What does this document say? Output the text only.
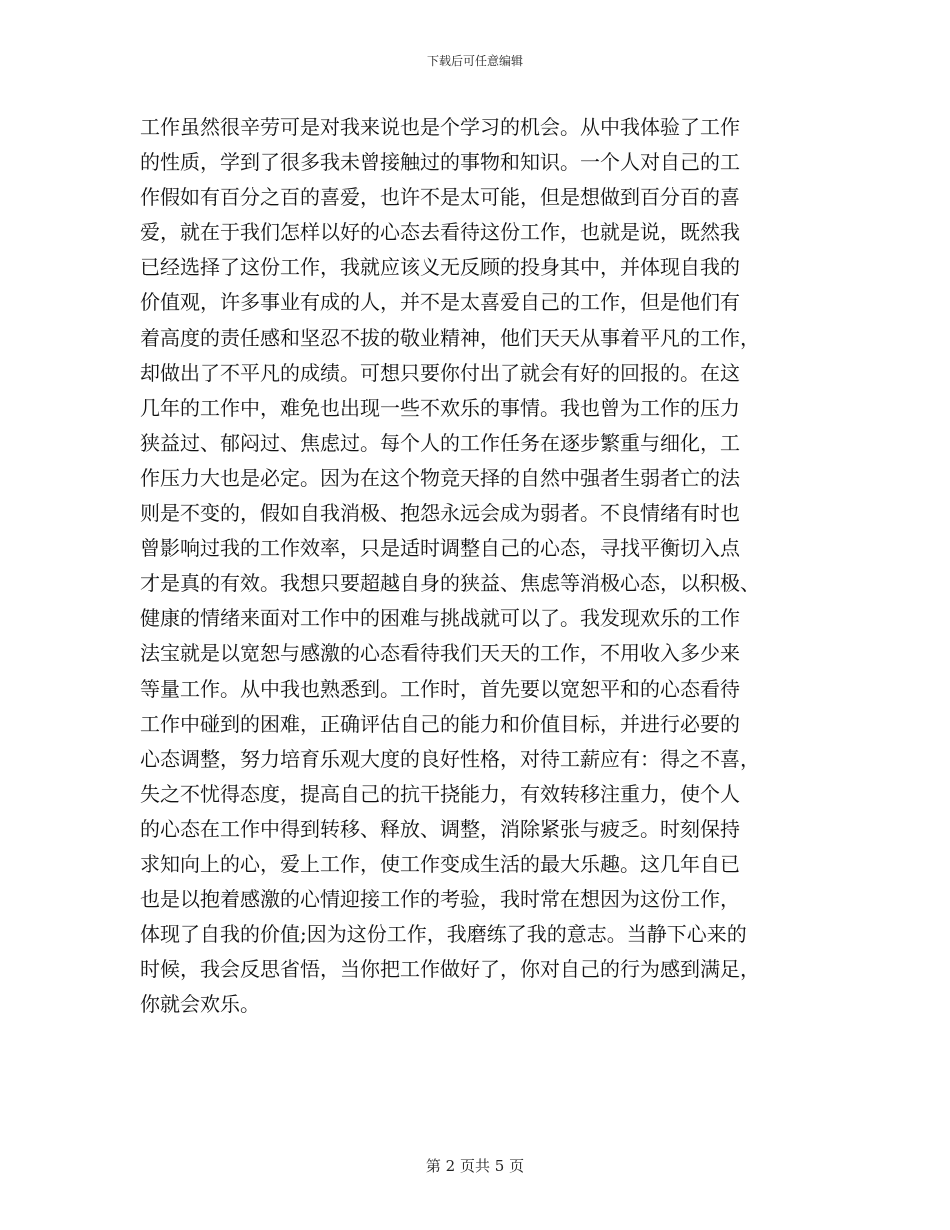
下载后可任意编辑
工作虽然很辛劳可是对我来说也是个学习的机会。从中我体验了工作
的性质，学到了很多我未曾接触过的事物和知识。一个人对自己的工
作假如有百分之百的喜爱，也许不是太可能，但是想做到百分百的喜
爱，就在于我们怎样以好的心态去看待这份工作，也就是说，既然我
已经选择了这份工作，我就应该义无反顾的投身其中，并体现自我的
价值观，许多事业有成的人，并不是太喜爱自己的工作，但是他们有
着高度的责任感和坚忍不拔的敬业精神，他们天天从事着平凡的工作，
却做出了不平凡的成绩。可想只要你付出了就会有好的回报的。在这
几年的工作中，难免也出现一些不欢乐的事情。我也曾为工作的压力
狭益过、郁闷过、焦虑过。每个人的工作任务在逐步繁重与细化，工
作压力大也是必定。因为在这个物竞天择的自然中强者生弱者亡的法
则是不变的，假如自我消极、抱怨永远会成为弱者。不良情绪有时也
曾影响过我的工作效率，只是适时调整自己的心态，寻找平衡切入点
才是真的有效。我想只要超越自身的狭益、焦虑等消极心态，以积极、
健康的情绪来面对工作中的困难与挑战就可以了。我发现欢乐的工作
法宝就是以宽恕与感激的心态看待我们天天的工作，不用收入多少来
等量工作。从中我也熟悉到。工作时，首先要以宽恕平和的心态看待
工作中碰到的困难，正确评估自己的能力和价值目标，并进行必要的
心态调整，努力培育乐观大度的良好性格，对待工薪应有：得之不喜，
失之不忧得态度，提高自己的抗干挠能力，有效转移注重力，使个人
的心态在工作中得到转移、释放、调整，消除紧张与疲乏。时刻保持
求知向上的心，爱上工作，使工作变成生活的最大乐趣。这几年自已
也是以抱着感激的心情迎接工作的考验，我时常在想因为这份工作，
体现了自我的价值;因为这份工作，我磨练了我的意志。当静下心来的
时候，我会反思省悟，当你把工作做好了，你对自己的行为感到满足，
你就会欢乐。
第 2 页共 5 页
